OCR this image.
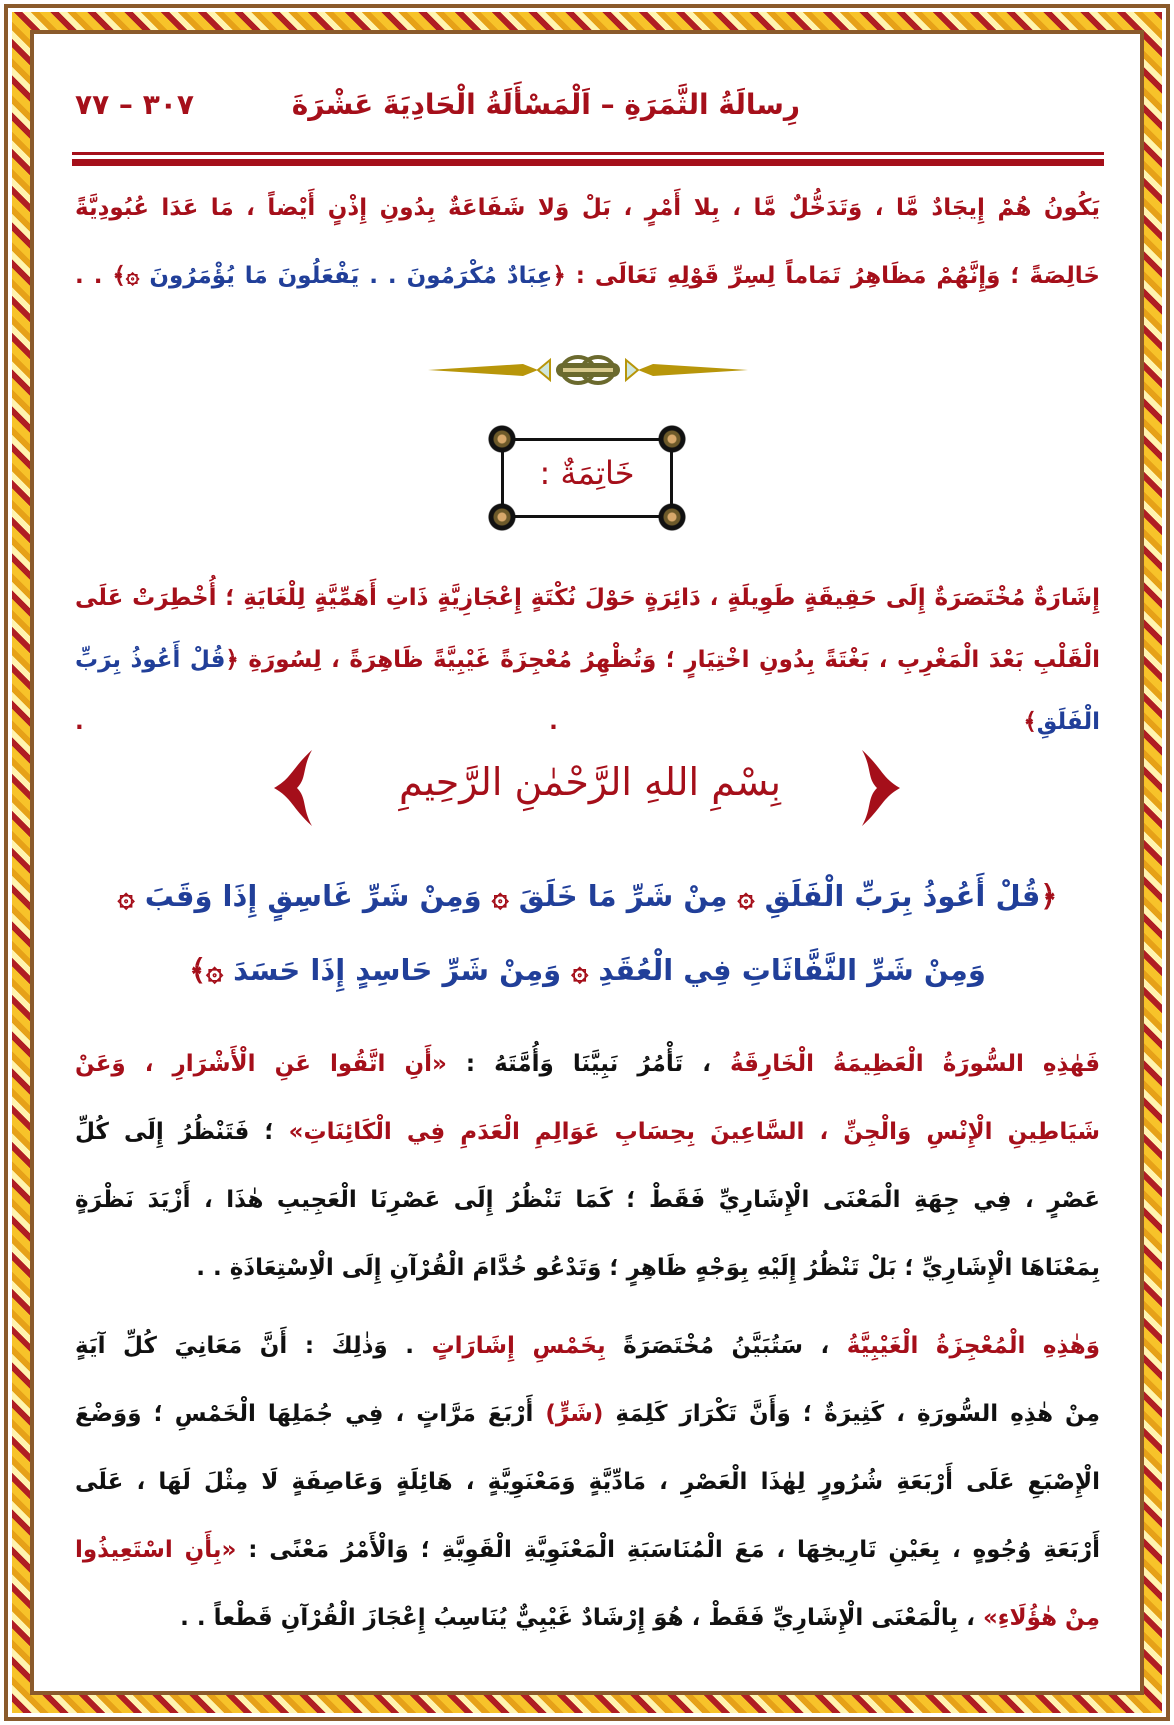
رِسالَةُ الثَّمَرَةِ – اَلْمَسْأَلَةُ الْحَادِيَةَ عَشْرَةَ
٣٠٧ – ٧٧
يَكُونُ هُمْ إِيجَادٌ مَّا ، وَتَدَخُّلٌ مَّا ، بِلا أَمْرٍ ، بَلْ وَلا شَفَاعَةٌ بِدُونِ إِذْنٍ أَيْضاً ، مَا عَدَا عُبُودِيَّةً
خَالِصَةً ؛ وَإِنَّهُمْ مَظَاهِرُ تَمَاماً لِسِرِّ قَوْلِهِ تَعَالَى : ﴿عِبَادٌ مُكْرَمُونَ . . يَفْعَلُونَ مَا يُؤْمَرُونَ ۞﴾ . .
خَاتِمَةٌ :
إِشَارَةٌ مُخْتَصَرَةٌ إِلَى حَقِيقَةٍ طَوِيلَةٍ ، دَائِرَةٍ حَوْلَ نُكْتَةٍ إِعْجَازِيَّةٍ ذَاتِ أَهَمِّيَّةٍ لِلْغَايَةِ ؛ أُخْطِرَتْ عَلَى
الْقَلْبِ بَعْدَ الْمَغْرِبِ ، بَغْتَةً بِدُونِ اخْتِيَارٍ ؛ وَتُظْهِرُ مُعْجِزَةً غَيْبِيَّةً ظَاهِرَةً ، لِسُورَةِ ﴿قُلْ أَعُوذُ بِرَبِّ الْفَلَقِ﴾ . .
بِسْمِ اللهِ الرَّحْمٰنِ الرَّحِيمِ
﴿قُلْ أَعُوذُ بِرَبِّ الْفَلَقِ ۞ مِنْ شَرِّ مَا خَلَقَ ۞ وَمِنْ شَرِّ غَاسِقٍ إِذَا وَقَبَ ۞
وَمِنْ شَرِّ النَّفَّاثَاتِ فِي الْعُقَدِ ۞ وَمِنْ شَرِّ حَاسِدٍ إِذَا حَسَدَ ۞﴾
فَهٰذِهِ السُّورَةُ الْعَظِيمَةُ الْخَارِقَةُ ، تَأْمُرُ نَبِيَّنَا وَأُمَّتَهُ : «أَنِ اتَّقُوا عَنِ الْأَشْرَارِ ، وَعَنْ
شَيَاطِينِ الْإِنْسِ وَالْجِنِّ ، السَّاعِينَ بِحِسَابِ عَوَالِمِ الْعَدَمِ فِي الْكَائِنَاتِ» ؛ فَتَنْظُرُ إِلَى كُلِّ
عَصْرٍ ، فِي جِهَةِ الْمَعْنَى الْإِشَارِيِّ فَقَطْ ؛ كَمَا تَنْظُرُ إِلَى عَصْرِنَا الْعَجِيبِ هٰذَا ، أَزْيَدَ نَظْرَةٍ
بِمَعْنَاهَا الْإِشَارِيِّ ؛ بَلْ تَنْظُرُ إِلَيْهِ بِوَجْهٍ ظَاهِرٍ ؛ وَتَدْعُو خُدَّامَ الْقُرْآنِ إِلَى الْاِسْتِعَاذَةِ . .
وَهٰذِهِ الْمُعْجِزَةُ الْغَيْبِيَّةُ ، سَتُبَيَّنُ مُخْتَصَرَةً بِخَمْسِ إِشَارَاتٍ . وَذٰلِكَ : أَنَّ مَعَانِيَ كُلِّ آيَةٍ
مِنْ هٰذِهِ السُّورَةِ ، كَثِيرَةٌ ؛ وَأَنَّ تَكْرَارَ كَلِمَةِ (شَرٍّ) أَرْبَعَ مَرَّاتٍ ، فِي جُمَلِهَا الْخَمْسِ ؛ وَوَضْعَ
الْإِصْبَعِ عَلَى أَرْبَعَةِ شُرُورٍ لِهٰذَا الْعَصْرِ ، مَادِّيَّةٍ وَمَعْنَوِيَّةٍ ، هَائِلَةٍ وَعَاصِفَةٍ لَا مِثْلَ لَهَا ، عَلَى
أَرْبَعَةِ وُجُوهٍ ، بِعَيْنِ تَارِيخِهَا ، مَعَ الْمُنَاسَبَةِ الْمَعْنَوِيَّةِ الْقَوِيَّةِ ؛ وَالْأَمْرُ مَعْنًى : «بِأَنِ اسْتَعِيذُوا
مِنْ هٰؤُلَاءِ» ، بِالْمَعْنَى الْإِشَارِيِّ فَقَطْ ، هُوَ إِرْشَادٌ غَيْبِيٌّ يُنَاسِبُ إِعْجَازَ الْقُرْآنِ قَطْعاً . .
